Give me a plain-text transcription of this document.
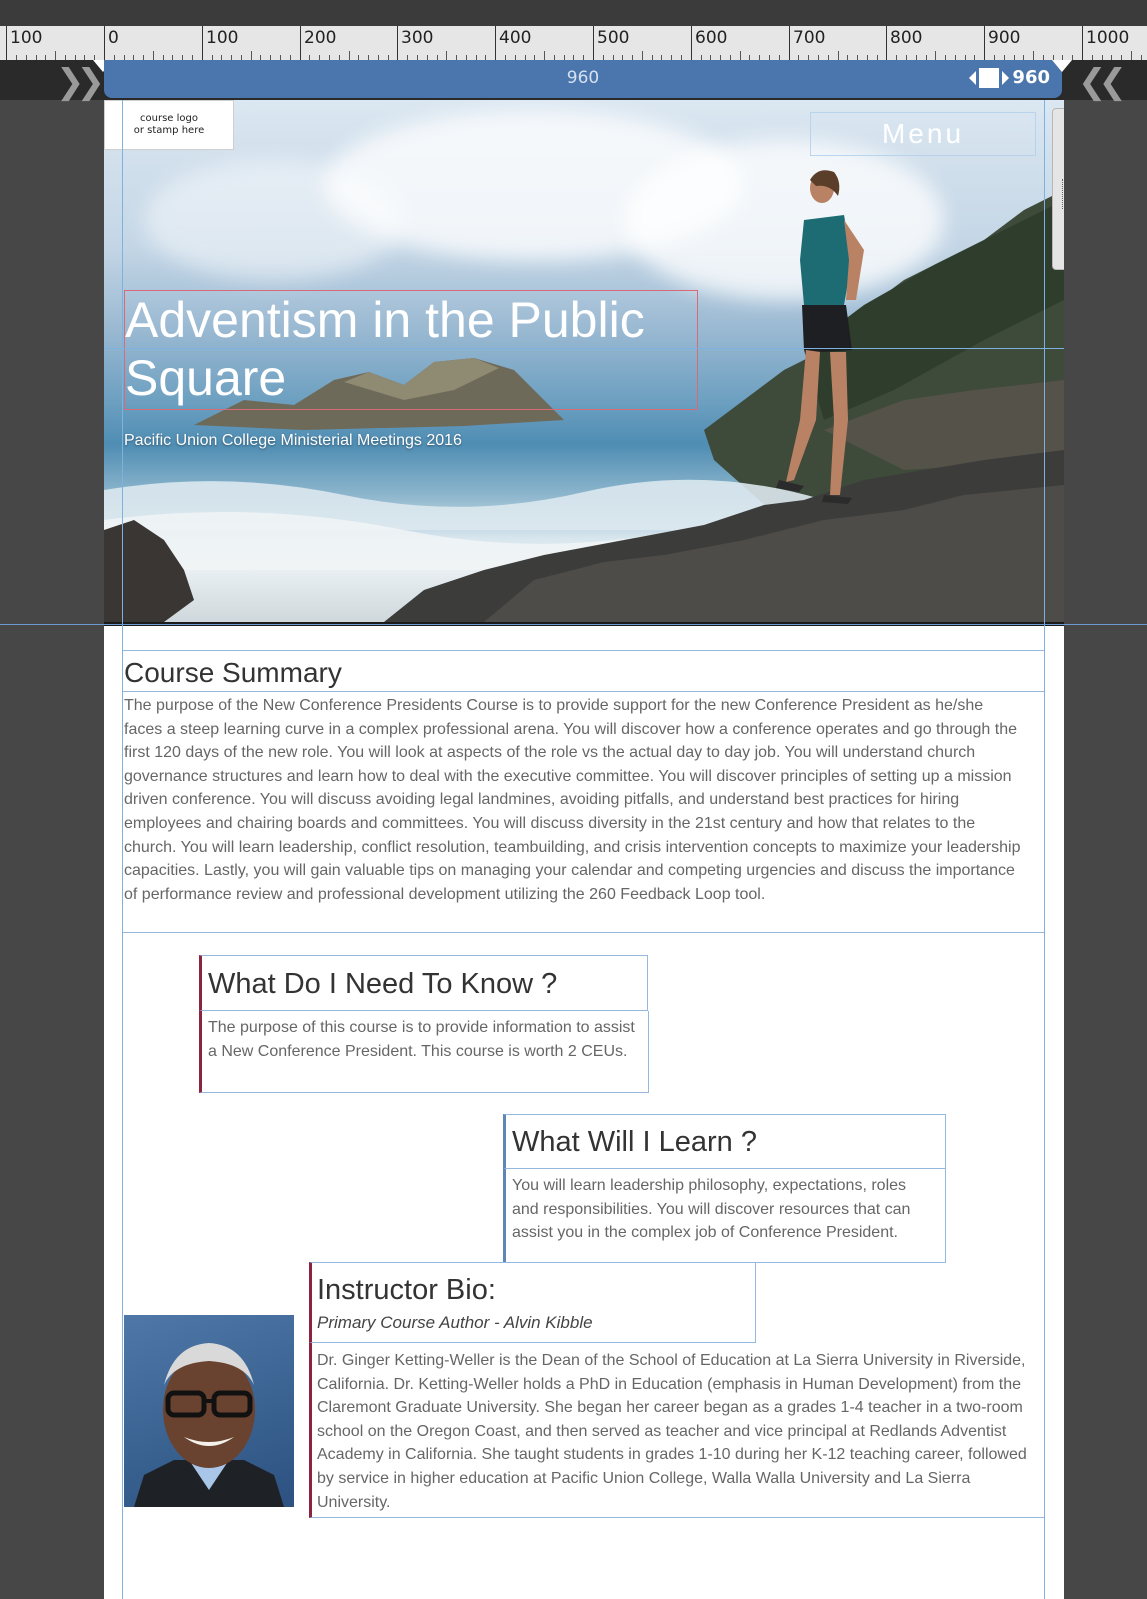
100	0	100	200	300	400	500	600	700	800	900	1000
❯❯	960	960 ❮❮
course logo
or stamp here	Menu
Adventism in the Public Square
Pacific Union College Ministerial Meetings 2016
Course Summary

The purpose of the New Conference Presidents Course is to provide support for the new Conference President as he/she faces a steep learning curve in a complex professional arena. You will discover how a conference operates and go through the first 120 days of the new role. You will look at aspects of the role vs the actual day to day job. You will understand church governance structures and learn how to deal with the executive committee. You will discover principles of setting up a mission driven conference. You will discuss avoiding legal landmines, avoiding pitfalls, and understand best practices for hiring employees and chairing boards and committees. You will discuss diversity in the 21st century and how that relates to the church. You will learn leadership, conflict resolution, teambuilding, and crisis intervention concepts to maximize your leadership capacities. Lastly, you will gain valuable tips on managing your calendar and competing urgencies and discuss the importance of performance review and professional development utilizing the 260 Feedback Loop tool.

What Do I Need To Know ?

The purpose of this course is to provide information to assist a New Conference President. This course is worth 2 CEUs.

What Will I Learn ?

You will learn leadership philosophy, expectations, roles and responsibilities. You will discover resources that can assist you in the complex job of Conference President.

Instructor Bio:
Primary Course Author - Alvin Kibble

Dr. Ginger Ketting-Weller is the Dean of the School of Education at La Sierra University in Riverside, California. Dr. Ketting-Weller holds a PhD in Education (emphasis in Human Development) from the Claremont Graduate University. She began her career began as a grades 1-4 teacher in a two-room school on the Oregon Coast, and then served as teacher and vice principal at Redlands Adventist Academy in California. She taught students in grades 1-10 during her K-12 teaching career, followed by service in higher education at Pacific Union College, Walla Walla University and La Sierra University.
